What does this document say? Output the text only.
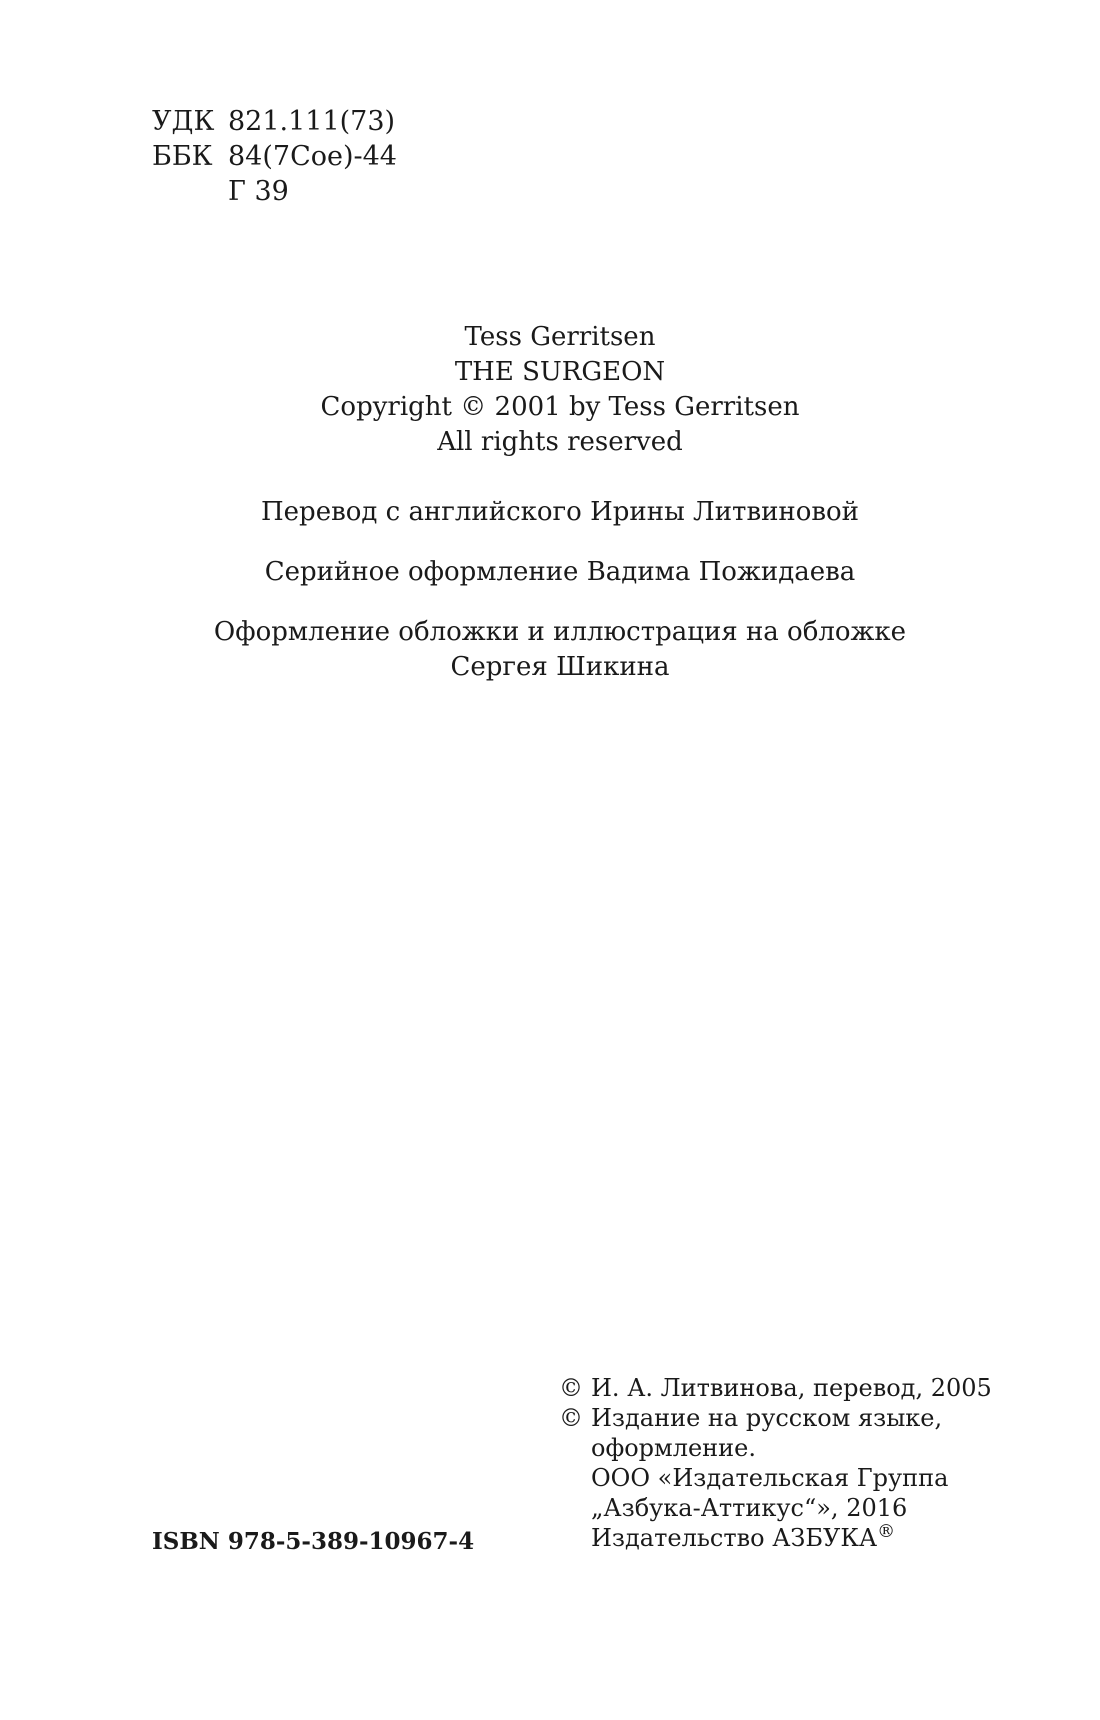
УДК 821.111(73)
ББК 84(7Сое)-44
Г 39
Tess Gerritsen
THE SURGEON
Copyright © 2001 by Tess Gerritsen
All rights reserved
Перевод с английского Ирины Литвиновой
Серийное оформление Вадима Пожидаева
Оформление обложки и иллюстрация на обложке
Сергея Шикина
© И. А. Литвинова, перевод, 2005
© Издание на русском языке,
оформление.
ООО «Издательская Группа
„Азбука-Аттикус“», 2016
Издательство АЗБУКА®
ISBN 978-5-389-10967-4
